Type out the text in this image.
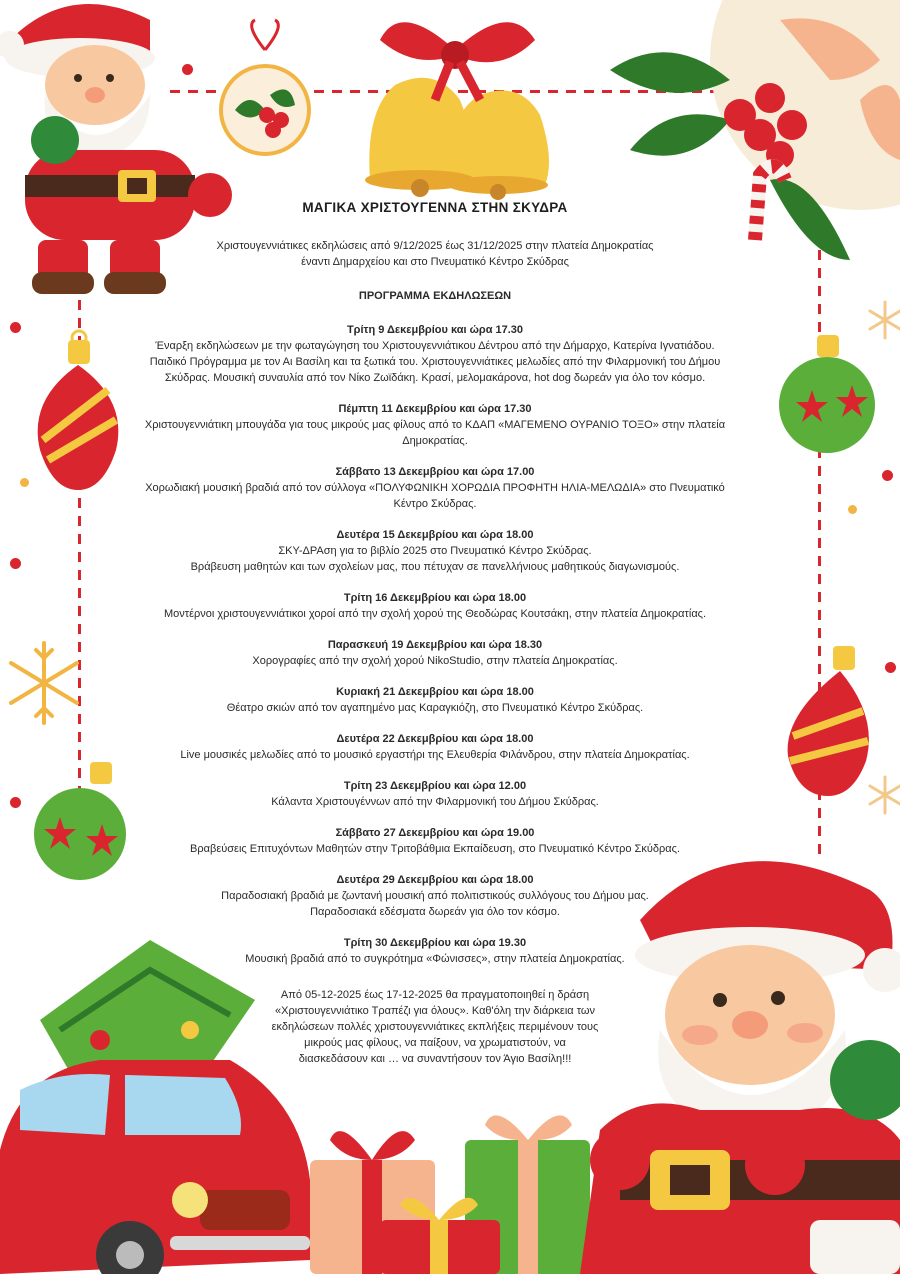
ΜΑΓΙΚΑ ΧΡΙΣΤΟΥΓΕΝΝΑ ΣΤΗΝ ΣΚΥΔΡΑ
Χριστουγεννιάτικες εκδηλώσεις από 9/12/2025 έως 31/12/2025 στην πλατεία Δημοκρατίας
έναντι Δημαρχείου και στο Πνευματικό Κέντρο Σκύδρας
ΠΡΟΓΡΑΜΜΑ ΕΚΔΗΛΩΣΕΩΝ
Τρίτη 9 Δεκεμβρίου και ώρα 17.30
Έναρξη εκδηλώσεων με την φωταγώγηση του Χριστουγεννιάτικου Δέντρου από την Δήμαρχο, Κατερίνα Ιγνατιάδου.
Παιδικό Πρόγραμμα με τον Αι Βασίλη και τα ξωτικά του. Χριστουγεννιάτικες μελωδίες από την Φιλαρμονική του Δήμου
Σκύδρας. Μουσική συναυλία από τον Νίκο Ζωϊδάκη. Κρασί, μελομακάρονα, hot dog δωρεάν για όλο τον κόσμο.
Πέμπτη 11 Δεκεμβρίου και ώρα 17.30
Χριστουγεννιάτικη μπουγάδα για τους μικρούς μας φίλους από το ΚΔΑΠ «ΜΑΓΕΜΕΝΟ ΟΥΡΑΝΙΟ ΤΟΞΟ» στην πλατεία
Δημοκρατίας.
Σάββατο 13 Δεκεμβρίου και ώρα 17.00
Χορωδιακή μουσική βραδιά από τον σύλλογα «ΠΟΛΥΦΩΝΙΚΗ ΧΟΡΩΔΙΑ ΠΡΟΦΗΤΗ ΗΛΙΑ-ΜΕΛΩΔΙΑ» στο Πνευματικό
Κέντρο Σκύδρας.
Δευτέρα 15 Δεκεμβρίου και ώρα 18.00
ΣΚΥ-ΔΡΑση για το βιβλίο 2025 στο Πνευματικό Κέντρο Σκύδρας.
Βράβευση μαθητών και των σχολείων μας, που πέτυχαν σε πανελλήνιους μαθητικούς διαγωνισμούς.
Τρίτη 16 Δεκεμβρίου και ώρα 18.00
Μοντέρνοι χριστουγεννιάτικοι χοροί από την σχολή χορού της Θεοδώρας Κουτσάκη, στην πλατεία Δημοκρατίας.
Παρασκευή 19 Δεκεμβρίου και ώρα 18.30
Χορογραφίες από την σχολή χορού NikoStudio, στην πλατεία Δημοκρατίας.
Κυριακή 21 Δεκεμβρίου και ώρα 18.00
Θέατρο σκιών από τον αγαπημένο μας Καραγκιόζη, στο Πνευματικό Κέντρο Σκύδρας.
Δευτέρα 22 Δεκεμβρίου και ώρα 18.00
Live μουσικές μελωδίες από το μουσικό εργαστήρι της Ελευθερία Φιλάνδρου, στην πλατεία Δημοκρατίας.
Τρίτη 23 Δεκεμβρίου και ώρα 12.00
Κάλαντα Χριστουγέννων από την Φιλαρμονική του Δήμου Σκύδρας.
Σάββατο 27 Δεκεμβρίου και ώρα 19.00
Βραβεύσεις Επιτυχόντων Μαθητών στην Τριτοβάθμια Εκπαίδευση, στο Πνευματικό Κέντρο Σκύδρας.
Δευτέρα 29 Δεκεμβρίου και ώρα 18.00
Παραδοσιακή βραδιά με ζωντανή μουσική από πολιτιστικούς συλλόγους του Δήμου μας.
Παραδοσιακά εδέσματα δωρεάν για όλο τον κόσμο.
Τρίτη 30 Δεκεμβρίου και ώρα 19.30
Μουσική βραδιά από το συγκρότημα «Φώνισσες», στην πλατεία Δημοκρατίας.
Από 05-12-2025 έως 17-12-2025 θα πραγματοποιηθεί η δράση
«Χριστουγεννιάτικο Τραπέζι για όλους». Καθ'όλη την διάρκεια των
εκδηλώσεων πολλές χριστουγεννιάτικες εκπλήξεις περιμένουν τους
μικρούς μας φίλους, να παίξουν, να χρωματιστούν, να
διασκεδάσουν και … να συναντήσουν τον Άγιο Βασίλη!!!
